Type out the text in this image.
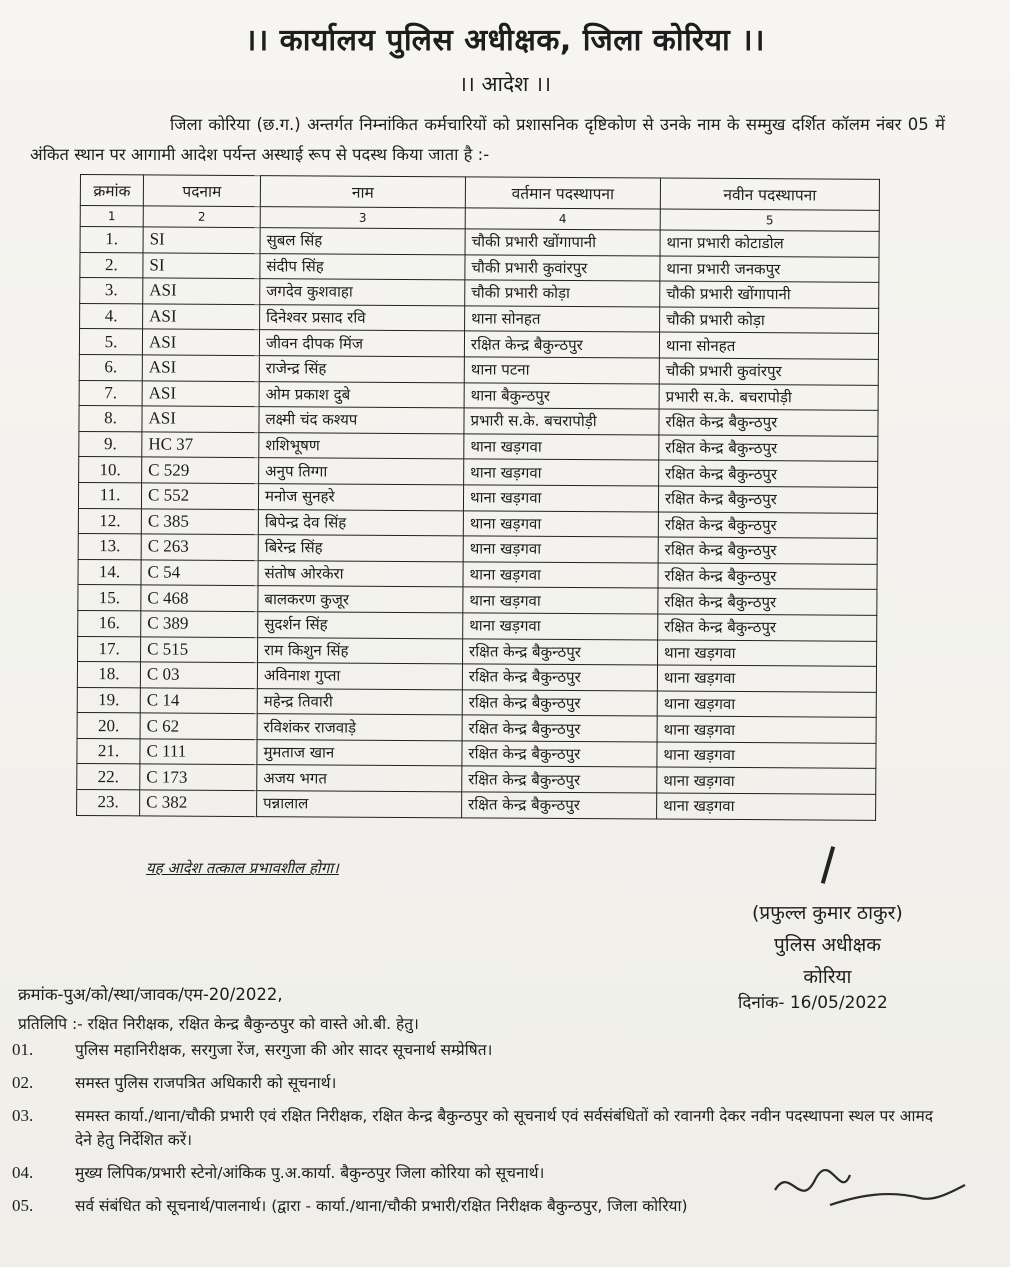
।। कार्यालय पुलिस अधीक्षक, जिला कोरिया ।।
।। आदेश ।।
जिला कोरिया (छ.ग.) अन्तर्गत निम्नांकित कर्मचारियों को प्रशासनिक दृष्टिकोण से उनके नाम के सम्मुख दर्शित कॉलम नंबर 05 में अंकित स्थान पर आगामी आदेश पर्यन्त अस्थाई रूप से पदस्थ किया जाता है :-
क्रमांक	पदनाम	नाम	वर्तमान पदस्थापना	नवीन पदस्थापना
1	2	3	4	5
1.	SI	सुबल सिंह	चौकी प्रभारी खोंगापानी	थाना प्रभारी कोटाडोल
2.	SI	संदीप सिंह	चौकी प्रभारी कुवांरपुर	थाना प्रभारी जनकपुर
3.	ASI	जगदेव कुशवाहा	चौकी प्रभारी कोड़ा	चौकी प्रभारी खोंगापानी
4.	ASI	दिनेश्वर प्रसाद रवि	थाना सोनहत	चौकी प्रभारी कोड़ा
5.	ASI	जीवन दीपक मिंज	रक्षित केन्द्र बैकुन्ठपुर	थाना सोनहत
6.	ASI	राजेन्द्र सिंह	थाना पटना	चौकी प्रभारी कुवांरपुर
7.	ASI	ओम प्रकाश दुबे	थाना बैकुन्ठपुर	प्रभारी स.के. बचरापोड़ी
8.	ASI	लक्ष्मी चंद कश्यप	प्रभारी स.के. बचरापोड़ी	रक्षित केन्द्र बैकुन्ठपुर
9.	HC 37	शशिभूषण	थाना खड़गवा	रक्षित केन्द्र बैकुन्ठपुर
10.	C 529	अनुप तिग्गा	थाना खड़गवा	रक्षित केन्द्र बैकुन्ठपुर
11.	C 552	मनोज सुनहरे	थाना खड़गवा	रक्षित केन्द्र बैकुन्ठपुर
12.	C 385	बिपेन्द्र देव सिंह	थाना खड़गवा	रक्षित केन्द्र बैकुन्ठपुर
13.	C 263	बिरेन्द्र सिंह	थाना खड़गवा	रक्षित केन्द्र बैकुन्ठपुर
14.	C 54	संतोष ओरकेरा	थाना खड़गवा	रक्षित केन्द्र बैकुन्ठपुर
15.	C 468	बालकरण कुजूर	थाना खड़गवा	रक्षित केन्द्र बैकुन्ठपुर
16.	C 389	सुदर्शन सिंह	थाना खड़गवा	रक्षित केन्द्र बैकुन्ठपुर
17.	C 515	राम किशुन सिंह	रक्षित केन्द्र बैकुन्ठपुर	थाना खड़गवा
18.	C 03	अविनाश गुप्ता	रक्षित केन्द्र बैकुन्ठपुर	थाना खड़गवा
19.	C 14	महेन्द्र तिवारी	रक्षित केन्द्र बैकुन्ठपुर	थाना खड़गवा
20.	C 62	रविशंकर राजवाड़े	रक्षित केन्द्र बैकुन्ठपुर	थाना खड़गवा
21.	C 111	मुमताज खान	रक्षित केन्द्र बैकुन्ठपुर	थाना खड़गवा
22.	C 173	अजय भगत	रक्षित केन्द्र बैकुन्ठपुर	थाना खड़गवा
23.	C 382	पन्नालाल	रक्षित केन्द्र बैकुन्ठपुर	थाना खड़गवा
यह आदेश तत्काल प्रभावशील होगा।
(प्रफुल्ल कुमार ठाकुर)
पुलिस अधीक्षक
कोरिया
क्रमांक-पुअ/को/स्था/जावक/एम-20/2022,	दिनांक- 16/05/2022
प्रतिलिपि :- रक्षित निरीक्षक, रक्षित केन्द्र बैकुन्ठपुर को वास्ते ओ.बी. हेतु।
01.	पुलिस महानिरीक्षक, सरगुजा रेंज, सरगुजा की ओर सादर सूचनार्थ सम्प्रेषित।
02.	समस्त पुलिस राजपत्रित अधिकारी को सूचनार्थ।
03.	समस्त कार्या./थाना/चौकी प्रभारी एवं रक्षित निरीक्षक, रक्षित केन्द्र बैकुन्ठपुर को सूचनार्थ एवं सर्वसंबंधितों को रवानगी देकर नवीन पदस्थापना स्थल पर आमद देने हेतु निर्देशित करें।
04.	मुख्य लिपिक/प्रभारी स्टेनो/आंकिक पु.अ.कार्या. बैकुन्ठपुर जिला कोरिया को सूचनार्थ।
05.	सर्व संबंधित को सूचनार्थ/पालनार्थ। (द्वारा - कार्या./थाना/चौकी प्रभारी/रक्षित निरीक्षक बैकुन्ठपुर, जिला कोरिया)
